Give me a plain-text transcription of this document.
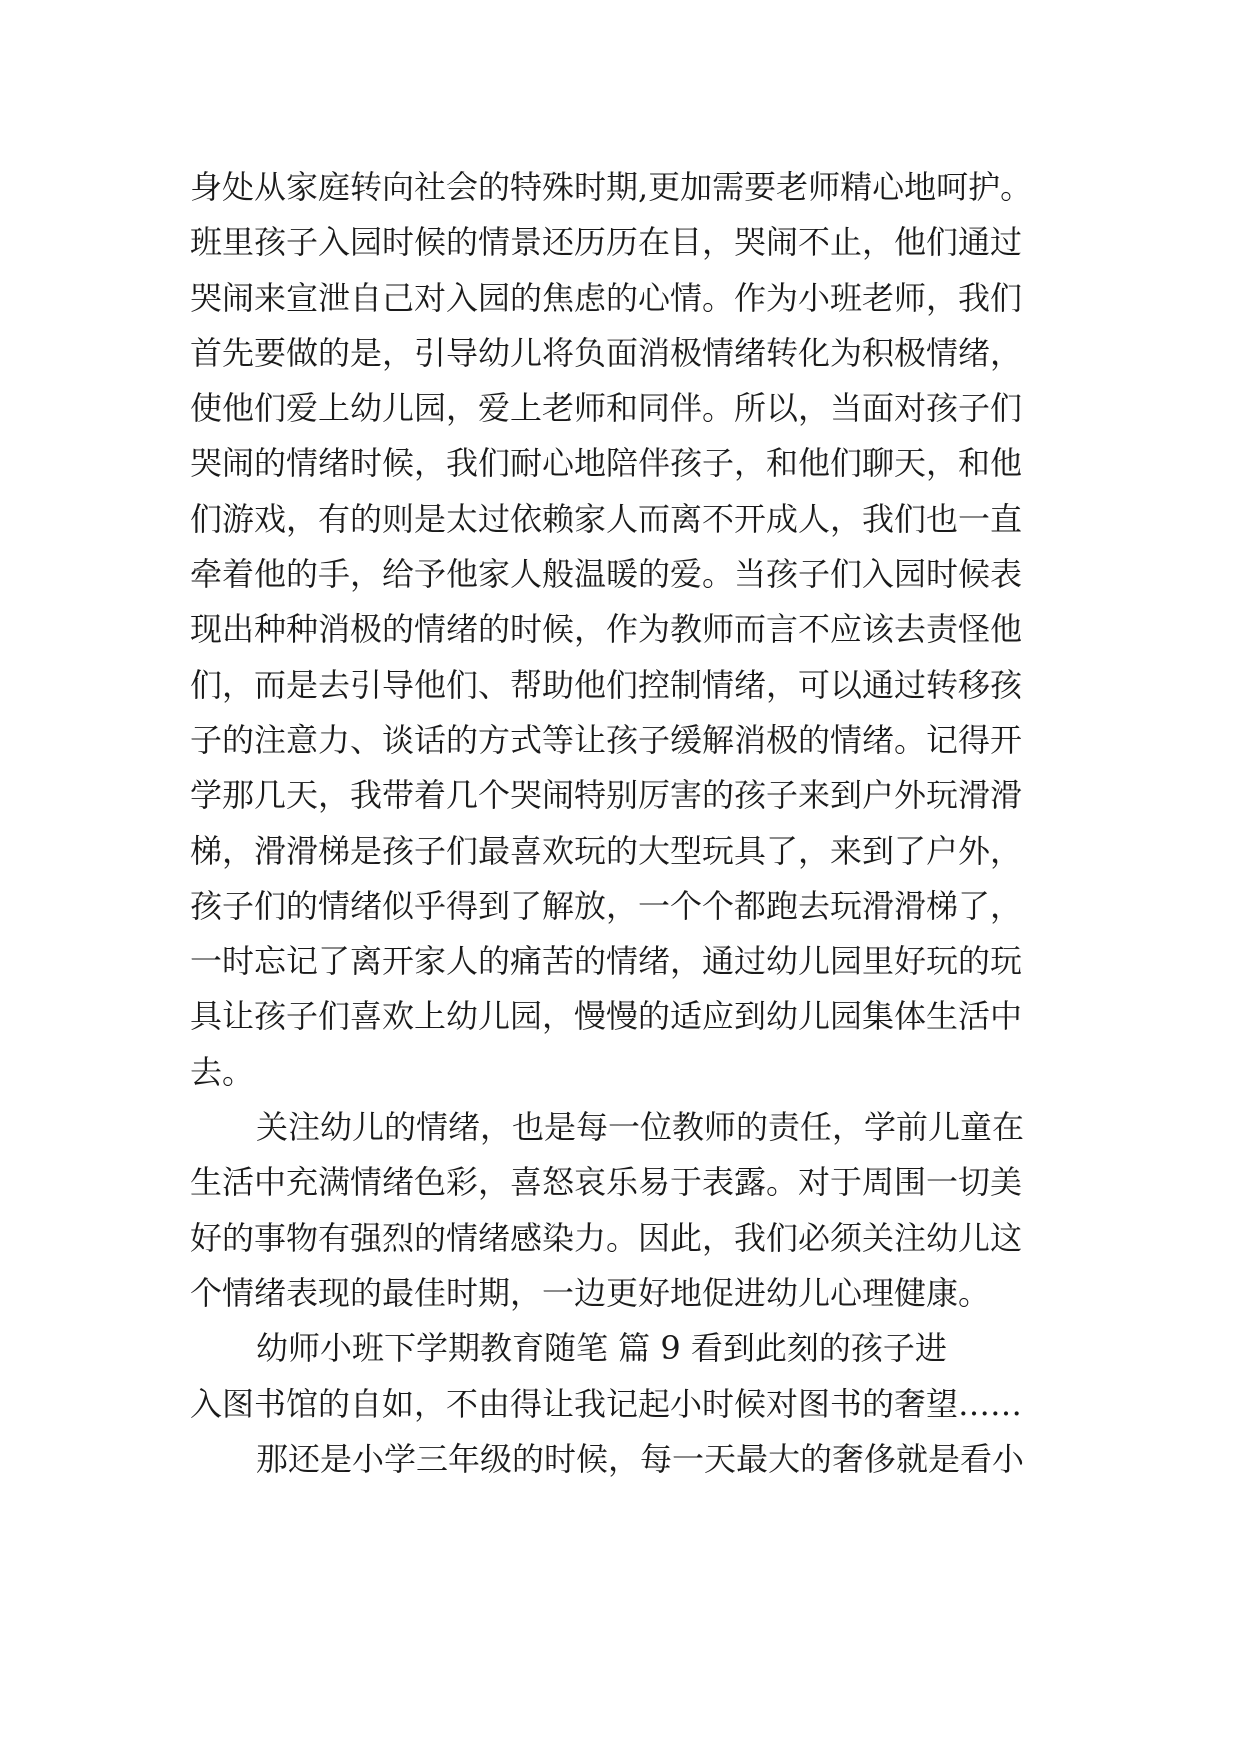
身处从家庭转向社会的特殊时期,更加需要老师精心地呵护。
班里孩子入园时候的情景还历历在目，哭闹不止，他们通过
哭闹来宣泄自己对入园的焦虑的心情。作为小班老师，我们
首先要做的是，引导幼儿将负面消极情绪转化为积极情绪，
使他们爱上幼儿园，爱上老师和同伴。所以，当面对孩子们
哭闹的情绪时候，我们耐心地陪伴孩子，和他们聊天，和他
们游戏，有的则是太过依赖家人而离不开成人，我们也一直
牵着他的手，给予他家人般温暖的爱。当孩子们入园时候表
现出种种消极的情绪的时候，作为教师而言不应该去责怪他
们，而是去引导他们、帮助他们控制情绪，可以通过转移孩
子的注意力、谈话的方式等让孩子缓解消极的情绪。记得开
学那几天，我带着几个哭闹特别厉害的孩子来到户外玩滑滑
梯，滑滑梯是孩子们最喜欢玩的大型玩具了，来到了户外，
孩子们的情绪似乎得到了解放，一个个都跑去玩滑滑梯了，
一时忘记了离开家人的痛苦的情绪，通过幼儿园里好玩的玩
具让孩子们喜欢上幼儿园，慢慢的适应到幼儿园集体生活中
去。
关注幼儿的情绪，也是每一位教师的责任，学前儿童在
生活中充满情绪色彩，喜怒哀乐易于表露。对于周围一切美
好的事物有强烈的情绪感染力。因此，我们必须关注幼儿这
个情绪表现的最佳时期，一边更好地促进幼儿心理健康。
幼师小班下学期教育随笔 篇 9 看到此刻的孩子进
入图书馆的自如，不由得让我记起小时候对图书的奢望……
那还是小学三年级的时候，每一天最大的奢侈就是看小
